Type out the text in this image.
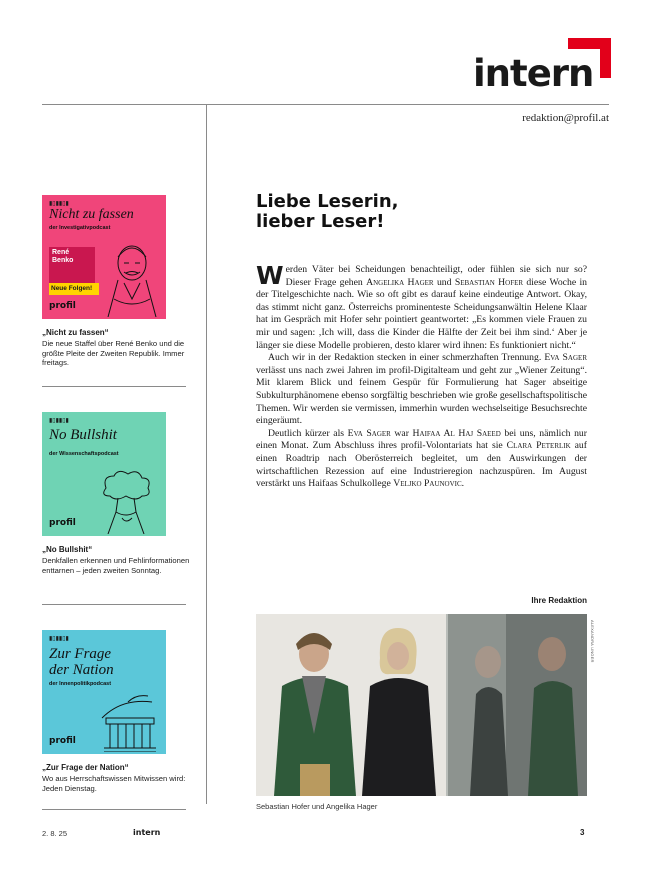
intern
redaktion@profil.at
▮▯▮▮▯▮
Nicht zu fassen
der Investigativpodcast
René
Benko
Neue Folgen!
profil
„Nicht zu fassen“
Die neue Staffel über René Benko und die größte Pleite der Zweiten Republik. Immer freitags.
▮▯▮▮▯▮
No Bullshit
der Wissenschaftspodcast
profil
„No Bullshit“
Denkfallen erkennen und Fehlinformationen enttarnen – jeden zweiten Sonntag.
▮▯▮▮▯▮
Zur Frage
der Nation
der Innenpolitikpodcast
profil
„Zur Frage der Nation“
Wo aus Herrschaftswissen Mitwissen wird: Jeden Dienstag.
Liebe Leserin,
lieber Leser!

Werden Väter bei Scheidungen benachteiligt, oder fühlen sie sich nur so? Dieser Frage gehen Angelika Hager und Sebastian Hofer diese Woche in der Titelgeschichte nach. Wie so oft gibt es darauf keine eindeutige Antwort. Okay, das stimmt nicht ganz. Österreichs prominenteste Scheidungsanwältin Helene Klaar hat im Gespräch mit Hofer sehr pointiert geantwortet: „Es kommen viele Frauen zu mir und sagen: ‚Ich will, dass die Kinder die Hälfte der Zeit bei ihm sind.‘ Aber je länger sie diese Modelle probieren, desto klarer wird ihnen: Es funktioniert nicht.“

Auch wir in der Redaktion stecken in einer schmerzhaften Trennung. Eva Sager verlässt uns nach zwei Jahren im profil-Digitalteam und geht zur „Wiener Zeitung“. Mit klarem Blick und feinem Gespür für Formulierung hat Sager abseitige Subkulturphänomene ebenso sorgfältig beschrieben wie große gesellschaftspolitische Themen. Wir werden sie vermissen, immerhin wurden wechselseitige Besuchsrechte eingeräumt.

Deutlich kürzer als Eva Sager war Haifaa Al Haj Saeed bei uns, nämlich nur einen Monat. Zum Abschluss ihres profil-Volontariats hat sie Clara Peterlik auf einen Roadtrip nach Oberösterreich begleitet, um den Auswirkungen der wirtschaftlichen Rezession auf eine Industrieregion nachzuspüren. Im August verstärkt uns Haifaas Schulkollege Veljko Paunovic.

Ihre Redaktion
ALEXANDRA UNGER
Sebastian Hofer und Angelika Hager
2. 8. 25	intern	3
